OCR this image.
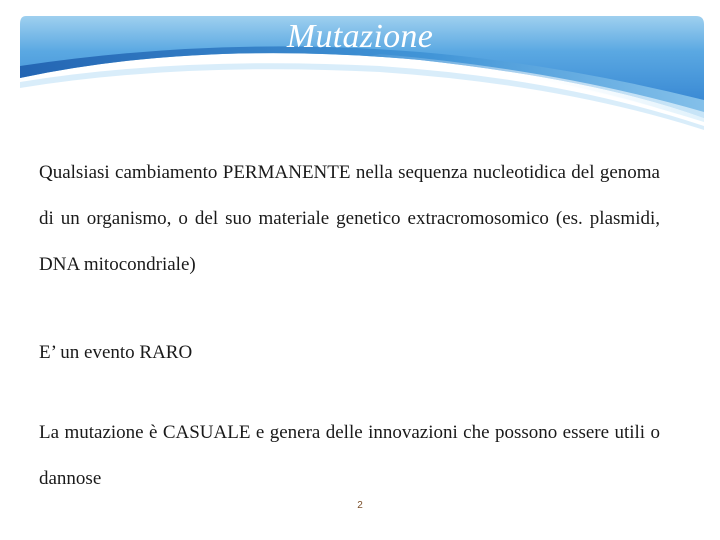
Mutazione

Qualsiasi cambiamento PERMANENTE nella sequenza nucleotidica del genoma di un organismo, o del suo materiale genetico extracromosomico (es. plasmidi, DNA mitocondriale)

E’ un evento RARO

La mutazione è CASUALE e genera delle innovazioni che possono essere utili o dannose

2
